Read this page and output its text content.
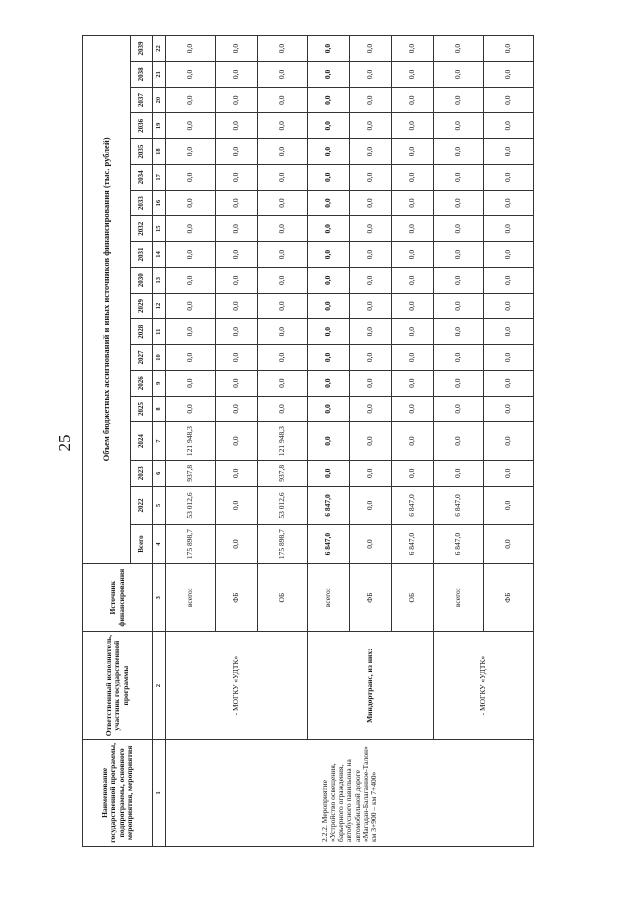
25
Наименование государственной программы, подпрограммы, основного мероприятия, мероприятия	Ответственный исполнитель, участник государственной программы	Источник финансирования	Объем бюджетных ассигнований и иных источников финансирования (тыс. рублей)																		
			Всего	2022	2023	2024	2025	2026	2027	2028	2029	2030	2031	2032	2033	2034	2035	2036	2037	2038	2039
1	2	3	4	5	6	7	8	9	10	11	12	13	14	15	16	17	18	19	20	21	22
2.2.2. Мероприятие «Устройство освещения, барьерного ограждения, автобусного павильона на автомобильной дороге «Магадан-Балаганное-Талон» км 3+900 – км 7+400»	- МОГКУ «УДТК»	всего:	175 898,7	53 012,6	937,8	121 948,3	0,0	0,0	0,0	0,0	0,0	0,0	0,0	0,0	0,0	0,0	0,0	0,0	0,0	0,0	0,0
		ФБ	0,0	0,0	0,0	0,0	0,0	0,0	0,0	0,0	0,0	0,0	0,0	0,0	0,0	0,0	0,0	0,0	0,0	0,0	0,0
		ОБ	175 898,7	53 012,6	937,8	121 948,3	0,0	0,0	0,0	0,0	0,0	0,0	0,0	0,0	0,0	0,0	0,0	0,0	0,0	0,0	0,0
	Миндортранс, из них:	всего:	6 847,0	6 847,0	0,0	0,0	0,0	0,0	0,0	0,0	0,0	0,0	0,0	0,0	0,0	0,0	0,0	0,0	0,0	0,0	0,0
		ФБ	0,0	0,0	0,0	0,0	0,0	0,0	0,0	0,0	0,0	0,0	0,0	0,0	0,0	0,0	0,0	0,0	0,0	0,0	0,0
		ОБ	6 847,0	6 847,0	0,0	0,0	0,0	0,0	0,0	0,0	0,0	0,0	0,0	0,0	0,0	0,0	0,0	0,0	0,0	0,0	0,0
	- МОГКУ «УДТК»	всего:	6 847,0	6 847,0	0,0	0,0	0,0	0,0	0,0	0,0	0,0	0,0	0,0	0,0	0,0	0,0	0,0	0,0	0,0	0,0	0,0
		ФБ	0,0	0,0	0,0	0,0	0,0	0,0	0,0	0,0	0,0	0,0	0,0	0,0	0,0	0,0	0,0	0,0	0,0	0,0	0,0
